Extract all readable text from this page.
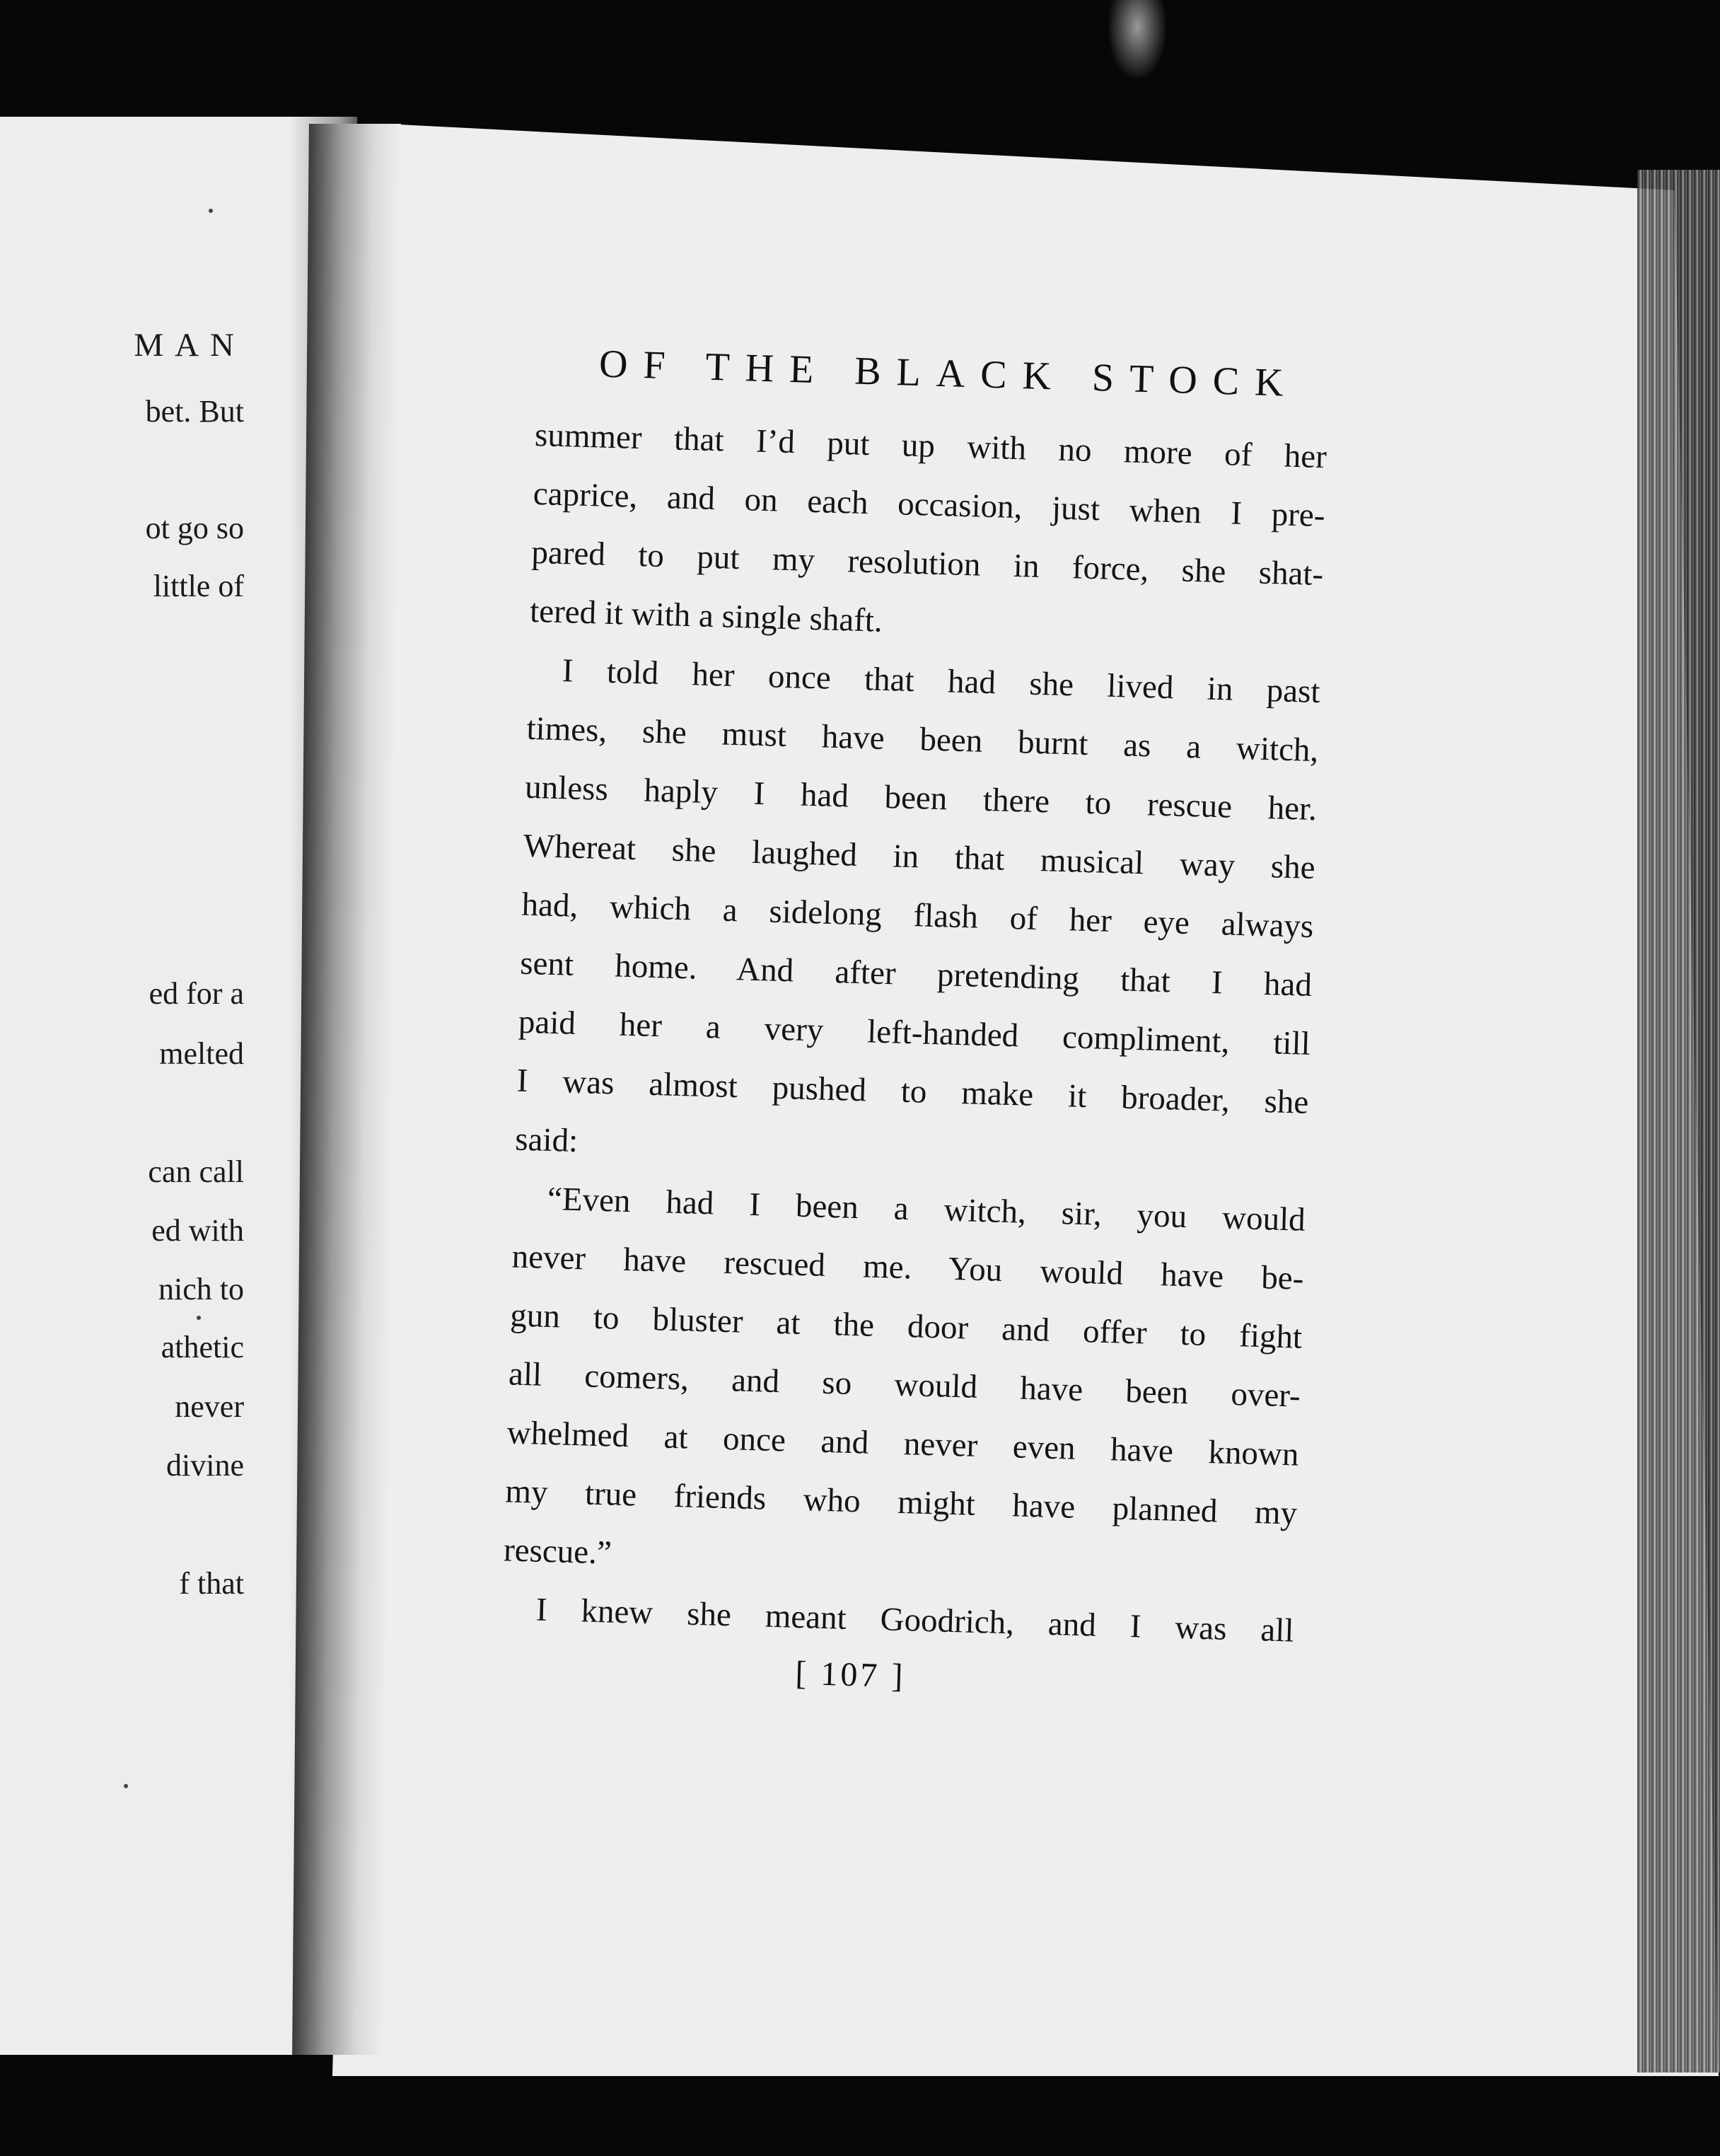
MAN

bet. But

ot go so

little of

ed for a

melted

can call

ed with

nich to

athetic

never

divine

f that

OF THE BLACK STOCK

summer that I’d put up with no more of her
caprice, and on each occasion, just when I pre-
pared to put my resolution in force, she shat-
tered it with a single shaft.

I told her once that had she lived in past
times, she must have been burnt as a witch,
unless haply I had been there to rescue her.
Whereat she laughed in that musical way she
had, which a sidelong flash of her eye always
sent home. And after pretending that I had
paid her a very left-handed compliment, till
I was almost pushed to make it broader, she
said:

“Even had I been a witch, sir, you would
never have rescued me. You would have be-
gun to bluster at the door and offer to fight
all comers, and so would have been over-
whelmed at once and never even have known
my true friends who might have planned my
rescue.”

I knew she meant Goodrich, and I was all

[ 107 ]
